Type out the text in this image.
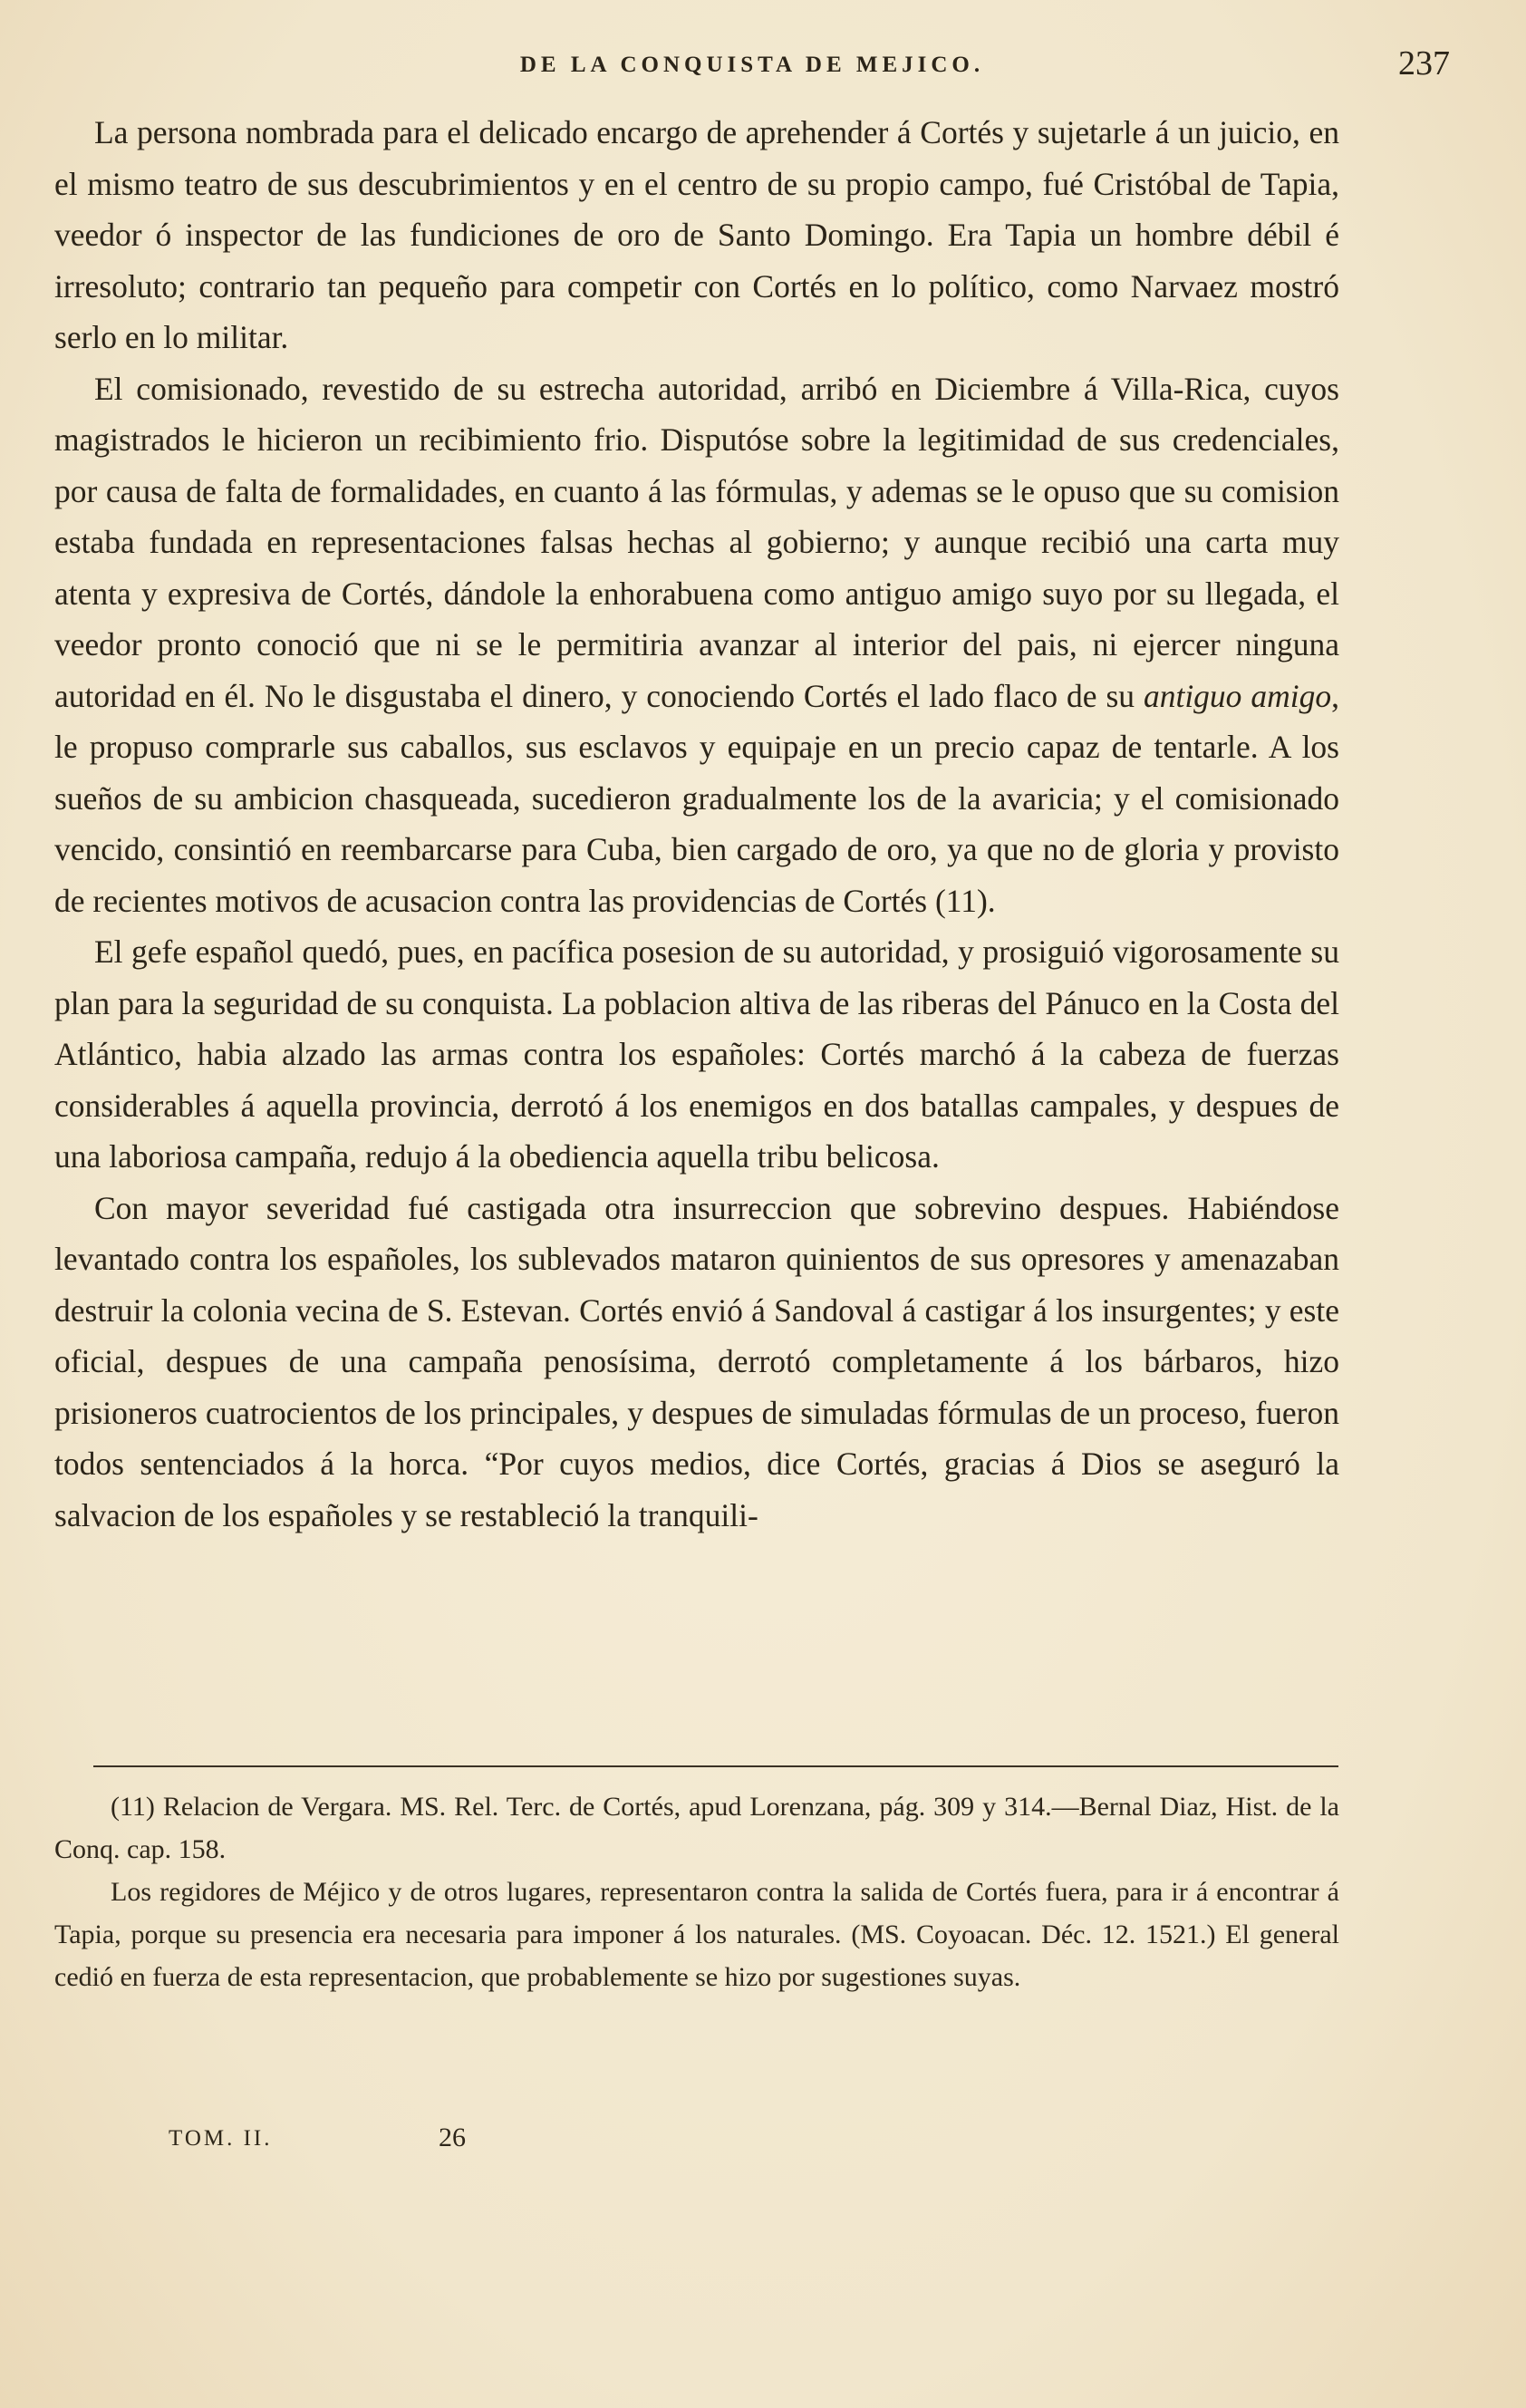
DE LA CONQUISTA DE MEJICO.	237

La persona nombrada para el delicado encargo de aprehender á Cortés y sujetarle á un juicio, en el mismo teatro de sus descubrimientos y en el centro de su propio campo, fué Cristóbal de Tapia, veedor ó inspector de las fundiciones de oro de Santo Domingo. Era Tapia un hombre débil é irresoluto; contrario tan pequeño para competir con Cortés en lo político, como Narvaez mostró serlo en lo militar.

El comisionado, revestido de su estrecha autoridad, arribó en Diciembre á Villa-Rica, cuyos magistrados le hicieron un recibimiento frio. Disputóse sobre la legitimidad de sus credenciales, por causa de falta de formalidades, en cuanto á las fórmulas, y ademas se le opuso que su comision estaba fundada en representaciones falsas hechas al gobierno; y aunque recibió una carta muy atenta y expresiva de Cortés, dándole la enhorabuena como antiguo amigo suyo por su llegada, el veedor pronto conoció que ni se le permitiria avanzar al interior del pais, ni ejercer ninguna autoridad en él. No le disgustaba el dinero, y conociendo Cortés el lado flaco de su antiguo amigo, le propuso comprarle sus caballos, sus esclavos y equipaje en un precio capaz de tentarle. A los sueños de su ambicion chasqueada, sucedieron gradualmente los de la avaricia; y el comisionado vencido, consintió en reembarcarse para Cuba, bien cargado de oro, ya que no de gloria y provisto de recientes motivos de acusacion contra las providencias de Cortés (11).

El gefe español quedó, pues, en pacífica posesion de su autoridad, y prosiguió vigorosamente su plan para la seguridad de su conquista. La poblacion altiva de las riberas del Pánuco en la Costa del Atlántico, habia alzado las armas contra los españoles: Cortés marchó á la cabeza de fuerzas considerables á aquella provincia, derrotó á los enemigos en dos batallas campales, y despues de una laboriosa campaña, redujo á la obediencia aquella tribu belicosa.

Con mayor severidad fué castigada otra insurreccion que sobrevino despues. Habiéndose levantado contra los españoles, los sublevados mataron quinientos de sus opresores y amenazaban destruir la colonia vecina de S. Estevan. Cortés envió á Sandoval á castigar á los insurgentes; y este oficial, despues de una campaña penosísima, derrotó completamente á los bárbaros, hizo prisioneros cuatrocientos de los principales, y despues de simuladas fórmulas de un proceso, fueron todos sentenciados á la horca. “Por cuyos medios, dice Cortés, gracias á Dios se aseguró la salvacion de los españoles y se restableció la tranquili-

(11) Relacion de Vergara. MS. Rel. Terc. de Cortés, apud Lorenzana, pág. 309 y 314.—Bernal Diaz, Hist. de la Conq. cap. 158.

Los regidores de Méjico y de otros lugares, representaron contra la salida de Cortés fuera, para ir á encontrar á Tapia, porque su presencia era necesaria para imponer á los naturales. (MS. Coyoacan. Déc. 12. 1521.) El general cedió en fuerza de esta representacion, que probablemente se hizo por sugestiones suyas.

TOM. II.	26
